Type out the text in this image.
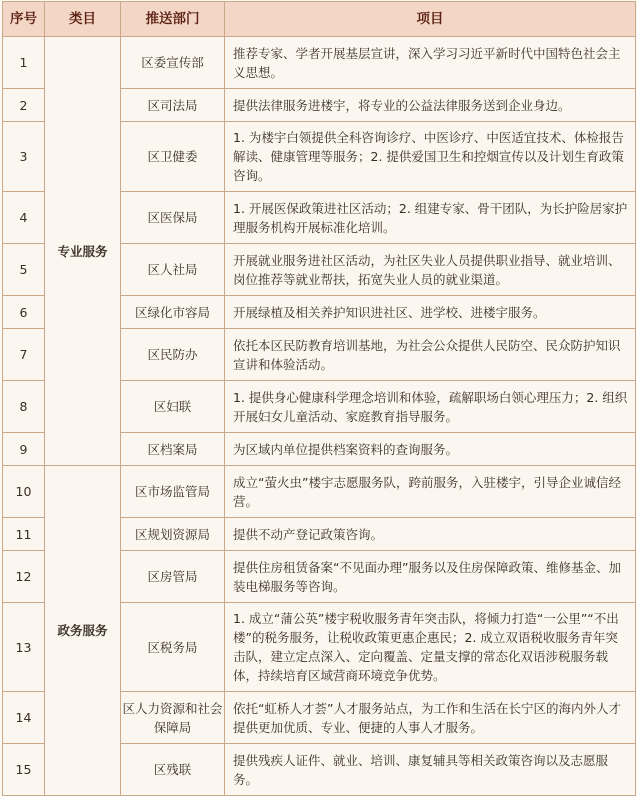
序号	类目	推送部门	项目
1	专业服务	区委宣传部	推荐专家、学者开展基层宣讲，深入学习习近平新时代中国特色社会主义思想。
2		区司法局	提供法律服务进楼宇，将专业的公益法律服务送到企业身边。
3		区卫健委	1. 为楼宇白领提供全科咨询诊疗、中医诊疗、中医适宜技术、体检报告解读、健康管理等服务；2. 提供爱国卫生和控烟宣传以及计划生育政策咨询。
4		区医保局	1. 开展医保政策进社区活动；2. 组建专家、骨干团队，为长护险居家护理服务机构开展标准化培训。
5		区人社局	开展就业服务进社区活动，为社区失业人员提供职业指导、就业培训、岗位推荐等就业帮扶，拓宽失业人员的就业渠道。
6		区绿化市容局	开展绿植及相关养护知识进社区、进学校、进楼宇服务。
7		区民防办	依托本区民防教育培训基地，为社会公众提供人民防空、民众防护知识宣讲和体验活动。
8		区妇联	1. 提供身心健康科学理念培训和体验，疏解职场白领心理压力；2. 组织开展妇女儿童活动、家庭教育指导服务。
9		区档案局	为区域内单位提供档案资料的查询服务。
10	政务服务	区市场监管局	成立“萤火虫”楼宇志愿服务队，跨前服务，入驻楼宇，引导企业诚信经营。
11		区规划资源局	提供不动产登记政策咨询。
12		区房管局	提供住房租赁备案“不见面办理”服务以及住房保障政策、维修基金、加装电梯服务等咨询。
13		区税务局	1. 成立“蒲公英”楼宇税收服务青年突击队，将倾力打造“一公里”“不出楼”的税务服务，让税收政策更惠企惠民；2. 成立双语税收服务青年突击队，建立定点深入、定向覆盖、定量支撑的常态化双语涉税服务载体，持续培育区域营商环境竞争优势。
14		区人力资源和社会保障局	依托“虹桥人才荟”人才服务站点，为工作和生活在长宁区的海内外人才提供更加优质、专业、便捷的人事人才服务。
15		区残联	提供残疾人证件、就业、培训、康复辅具等相关政策咨询以及志愿服务。
